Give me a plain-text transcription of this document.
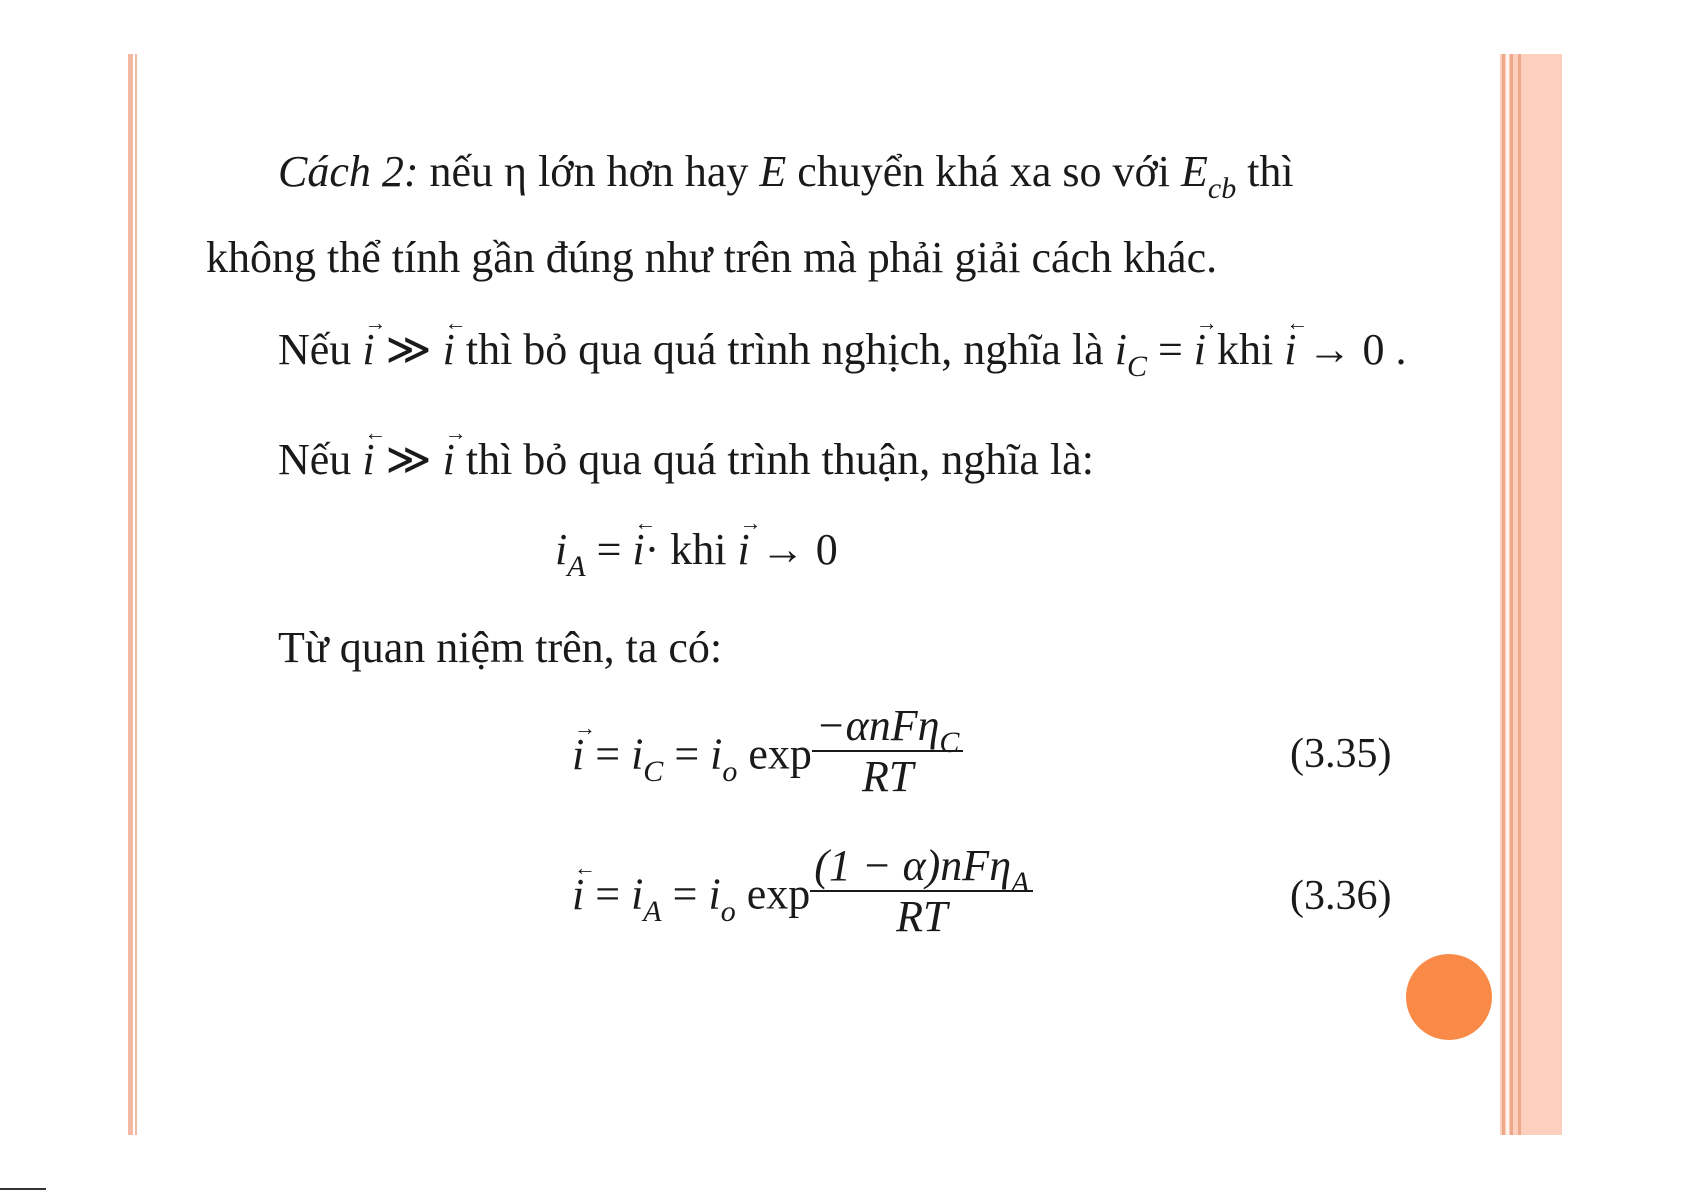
Cách 2: nếu η lớn hơn hay E chuyển khá xa so với $E_{cb}$ thì
không thể tính gần đúng như trên mà phải giải cách khác.
Nếu
→
i ≫
←
i thì bỏ qua quá trình nghịch, nghĩa là $i_C$ =
→
i khi
←
i → 0 .
Nếu
←
i ≫
→
i thì bỏ qua quá trình thuận, nghĩa là:
$i_A$ =
←
i· khi
→
i → 0
Từ quan niệm trên, ta có:
→
$i = i_C = i_o$ $\exp \frac{-\alpha nF\eta_C}{RT}$	(3.35)
←
$i = i_A = i_o$ $\exp \frac{(1 - \alpha)nF\eta_A}{RT}$	(3.36)
